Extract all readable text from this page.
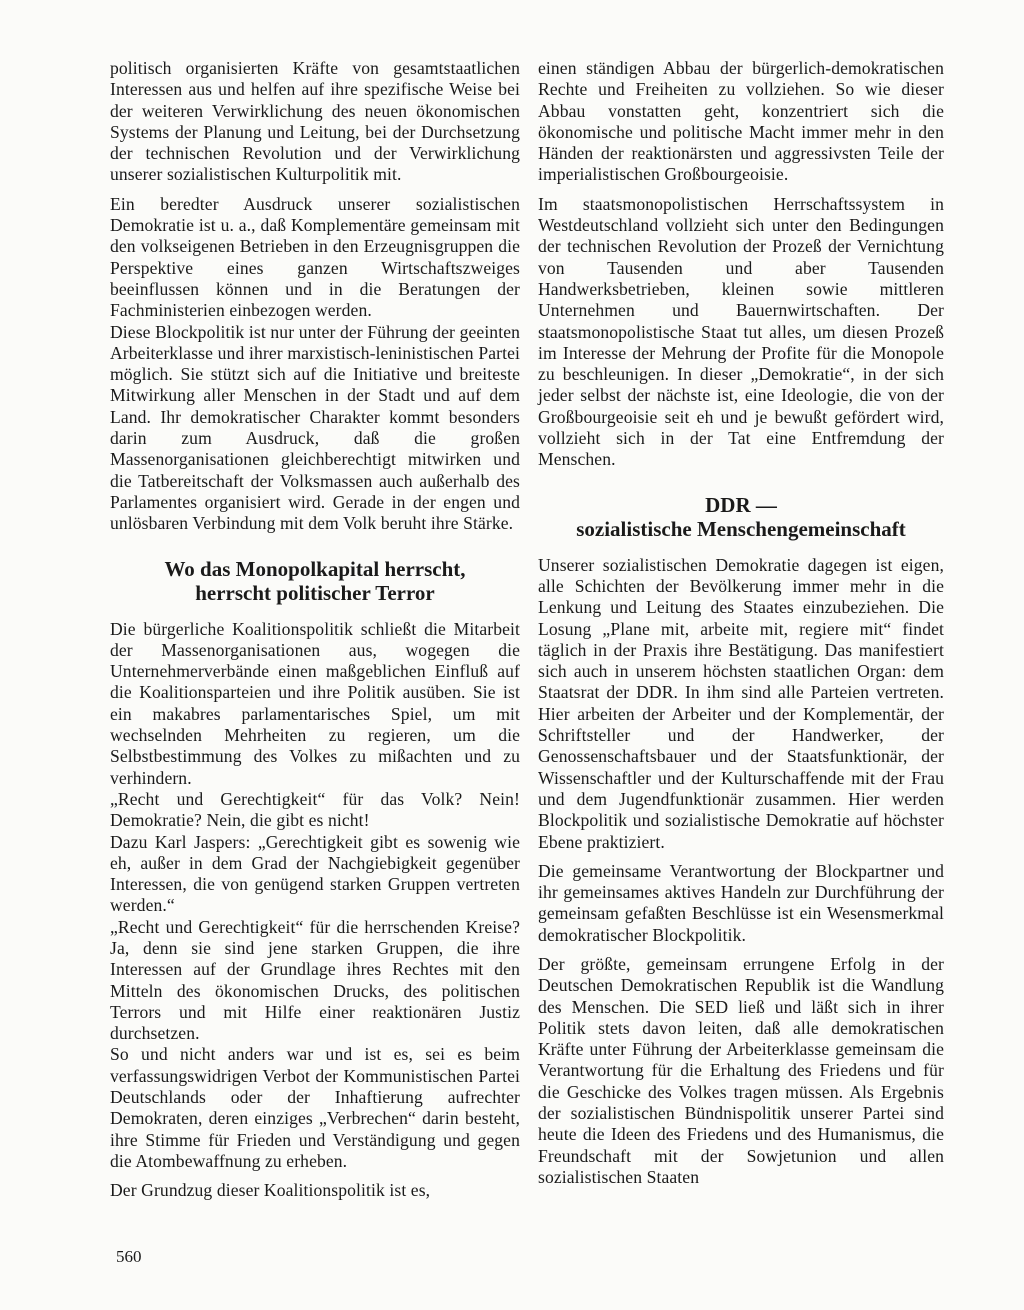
politisch organisierten Kräfte von gesamtstaatlichen Interessen aus und helfen auf ihre spezifische Weise bei der weiteren Verwirklichung des neuen ökonomischen Systems der Planung und Leitung, bei der Durchsetzung der technischen Revolution und der Verwirklichung unserer sozialistischen Kulturpolitik mit.

Ein beredter Ausdruck unserer sozialistischen Demokratie ist u. a., daß Komplementäre gemeinsam mit den volkseigenen Betrieben in den Erzeugnisgruppen die Perspektive eines ganzen Wirtschaftszweiges beeinflussen können und in die Beratungen der Fachministerien einbezogen werden.

Diese Blockpolitik ist nur unter der Führung der geeinten Arbeiterklasse und ihrer marxistisch-leninistischen Partei möglich. Sie stützt sich auf die Initiative und breiteste Mitwirkung aller Menschen in der Stadt und auf dem Land. Ihr demokratischer Charakter kommt besonders darin zum Ausdruck, daß die großen Massenorganisationen gleichberechtigt mitwirken und die Tatbereitschaft der Volksmassen auch außerhalb des Parlamentes organisiert wird. Gerade in der engen und unlösbaren Verbindung mit dem Volk beruht ihre Stärke.

Wo das Monopolkapital herrscht,
herrscht politischer Terror

Die bürgerliche Koalitionspolitik schließt die Mitarbeit der Massenorganisationen aus, wogegen die Unternehmerverbände einen maßgeblichen Einfluß auf die Koalitionsparteien und ihre Politik ausüben. Sie ist ein makabres parlamentarisches Spiel, um mit wechselnden Mehrheiten zu regieren, um die Selbstbestimmung des Volkes zu mißachten und zu verhindern.

„Recht und Gerechtigkeit“ für das Volk? Nein! Demokratie? Nein, die gibt es nicht!

Dazu Karl Jaspers: „Gerechtigkeit gibt es sowenig wie eh, außer in dem Grad der Nachgiebigkeit gegenüber Interessen, die von genügend starken Gruppen vertreten werden.“

„Recht und Gerechtigkeit“ für die herrschenden Kreise? Ja, denn sie sind jene starken Gruppen, die ihre Interessen auf der Grundlage ihres Rechtes mit den Mitteln des ökonomischen Drucks, des politischen Terrors und mit Hilfe einer reaktionären Justiz durchsetzen.

So und nicht anders war und ist es, sei es beim verfassungswidrigen Verbot der Kommunistischen Partei Deutschlands oder der Inhaftierung aufrechter Demokraten, deren einziges „Verbrechen“ darin besteht, ihre Stimme für Frieden und Verständigung und gegen die Atombewaffnung zu erheben.

Der Grundzug dieser Koalitionspolitik ist es,

einen ständigen Abbau der bürgerlich-demokratischen Rechte und Freiheiten zu vollziehen. So wie dieser Abbau vonstatten geht, konzentriert sich die ökonomische und politische Macht immer mehr in den Händen der reaktionärsten und aggressivsten Teile der imperialistischen Großbourgeoisie.

Im staatsmonopolistischen Herrschaftssystem in Westdeutschland vollzieht sich unter den Bedingungen der technischen Revolution der Prozeß der Vernichtung von Tausenden und aber Tausenden Handwerksbetrieben, kleinen sowie mittleren Unternehmen und Bauernwirtschaften. Der staatsmonopolistische Staat tut alles, um diesen Prozeß im Interesse der Mehrung der Profite für die Monopole zu beschleunigen. In dieser „Demokratie“, in der sich jeder selbst der nächste ist, eine Ideologie, die von der Großbourgeoisie seit eh und je bewußt gefördert wird, vollzieht sich in der Tat eine Entfremdung der Menschen.

DDR —
sozialistische Menschengemeinschaft

Unserer sozialistischen Demokratie dagegen ist eigen, alle Schichten der Bevölkerung immer mehr in die Lenkung und Leitung des Staates einzubeziehen. Die Losung „Plane mit, arbeite mit, regiere mit“ findet täglich in der Praxis ihre Bestätigung. Das manifestiert sich auch in unserem höchsten staatlichen Organ: dem Staatsrat der DDR. In ihm sind alle Parteien vertreten. Hier arbeiten der Arbeiter und der Komplementär, der Schriftsteller und der Handwerker, der Genossenschaftsbauer und der Staatsfunktionär, der Wissenschaftler und der Kulturschaffende mit der Frau und dem Jugendfunktionär zusammen. Hier werden Blockpolitik und sozialistische Demokratie auf höchster Ebene praktiziert.

Die gemeinsame Verantwortung der Blockpartner und ihr gemeinsames aktives Handeln zur Durchführung der gemeinsam gefaßten Beschlüsse ist ein Wesensmerkmal demokratischer Blockpolitik.

Der größte, gemeinsam errungene Erfolg in der Deutschen Demokratischen Republik ist die Wandlung des Menschen. Die SED ließ und läßt sich in ihrer Politik stets davon leiten, daß alle demokratischen Kräfte unter Führung der Arbeiterklasse gemeinsam die Verantwortung für die Erhaltung des Friedens und für die Geschicke des Volkes tragen müssen. Als Ergebnis der sozialistischen Bündnispolitik unserer Partei sind heute die Ideen des Friedens und des Humanismus, die Freundschaft mit der Sowjetunion und allen sozialistischen Staaten

560
